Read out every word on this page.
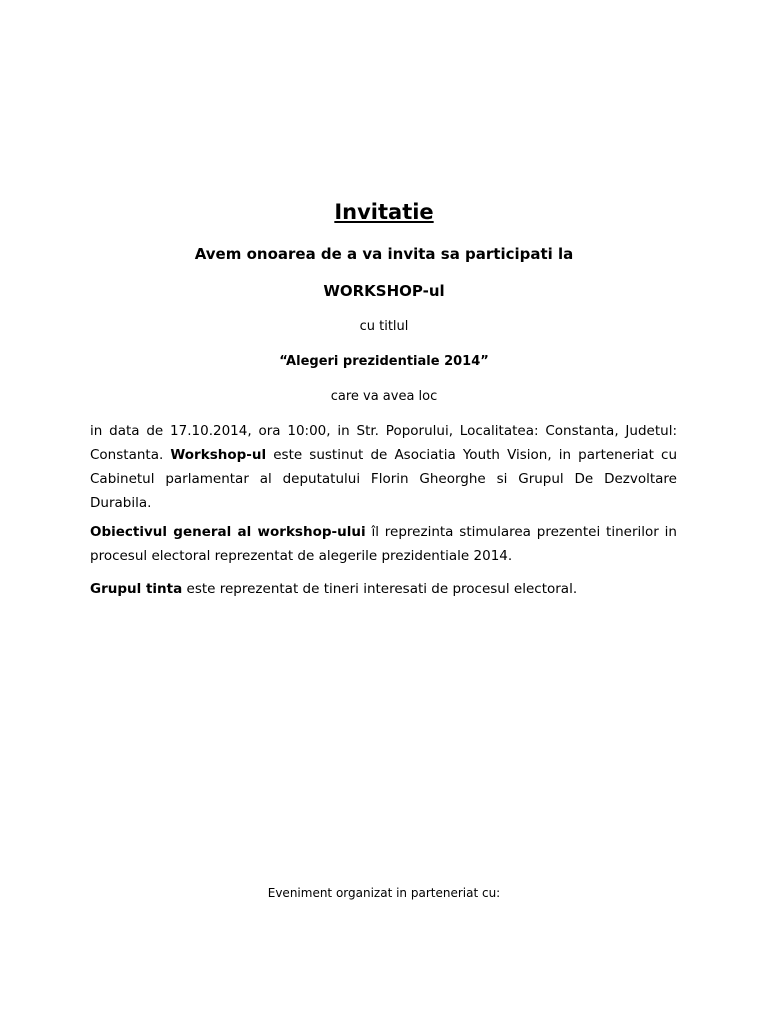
Invitatie
Avem onoarea de a va invita sa participati la
WORKSHOP-ul
cu titlul
“Alegeri prezidentiale 2014”
care va avea loc

in data de 17.10.2014, ora 10:00, in Str. Poporului, Localitatea: Constanta, Judetul: Constanta. Workshop-ul este sustinut de Asociatia Youth Vision, in parteneriat cu Cabinetul parlamentar al deputatului Florin Gheorghe si Grupul De Dezvoltare Durabila.

Obiectivul general al workshop-ului îl reprezinta stimularea prezentei tinerilor in procesul electoral reprezentat de alegerile prezidentiale 2014.

Grupul tinta este reprezentat de tineri interesati de procesul electoral.

Eveniment organizat in parteneriat cu:
